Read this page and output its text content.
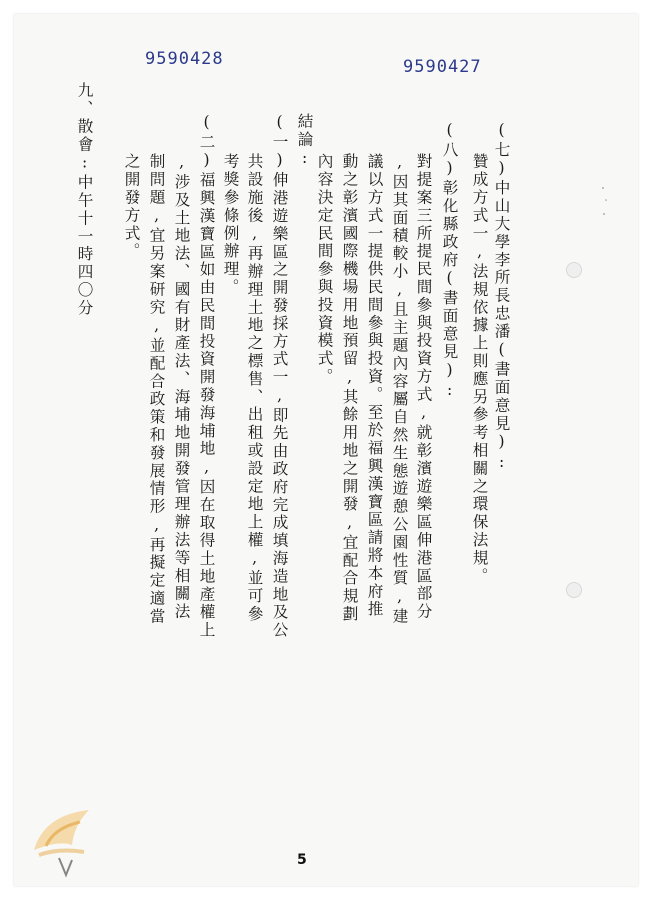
9590428	9590427
(七)中山大學李所長忠潘(書面意見):
贊成方式一,法規依據上則應另參考相關之環保法規。
(八)彰化縣政府(書面意見):
對提案三所提民間參與投資方式,就彰濱遊樂區伸港區部分
,因其面積較小,且主題內容屬自然生態遊憩公園性質,建
議以方式一提供民間參與投資。至於福興漢寶區請將本府推
動之彰濱國際機場用地預留,其餘用地之開發,宜配合規劃
內容決定民間參與投資模式。
結論:
(一)伸港遊樂區之開發採方式一,即先由政府完成填海造地及公
共設施後,再辦理土地之標售、出租或設定地上權,並可參
考獎參條例辦理。
(二)福興漢寶區如由民間投資開發海埔地,因在取得土地產權上
,涉及土地法、國有財產法、海埔地開發管理辦法等相關法
制問題,宜另案研究,並配合政策和發展情形,再擬定適當
之開發方式。
九、散會:中午十一時四〇分
5
